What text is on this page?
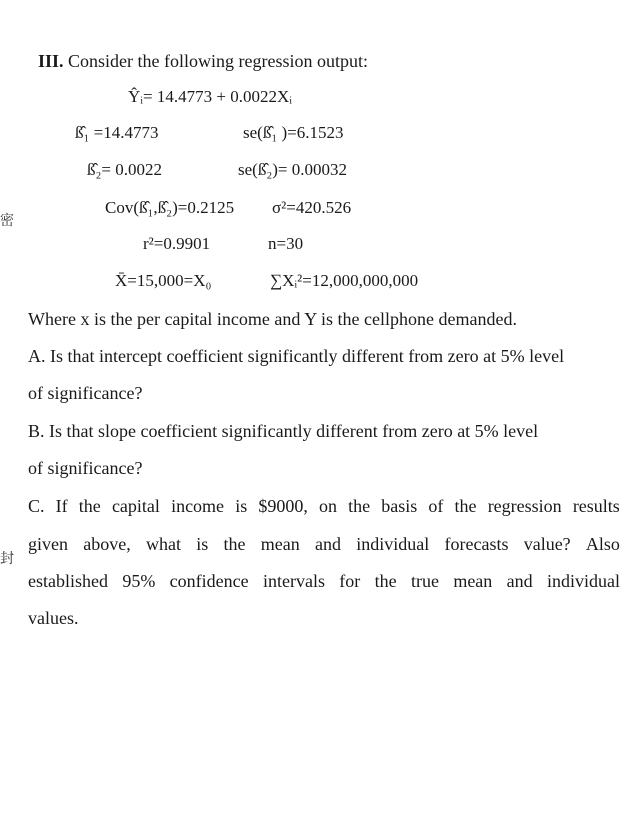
密
封
III. Consider the following regression output:
Ŷᵢ= 14.4773 + 0.0022Xᵢ
ß̂₁ =14.4773	se(ß̂₁ )=6.1523
ß̂₂= 0.0022	se(ß̂₂)= 0.00032
Cov(ß̂₁,ß̂₂)=0.2125 σ²=420.526
r²=0.9901	n=30
X̄=15,000=X₀	∑Xᵢ²=12,000,000,000
Where x is the per capital income and Y is the cellphone demanded.
A. Is that intercept coefficient significantly different from zero at 5% level
of significance?
B. Is that slope coefficient significantly different from zero at 5% level
of significance?
C. If the capital income is $9000, on the basis of the regression results
given above, what is the mean and individual forecasts value? Also
established 95% confidence intervals for the true mean and individual
values.
